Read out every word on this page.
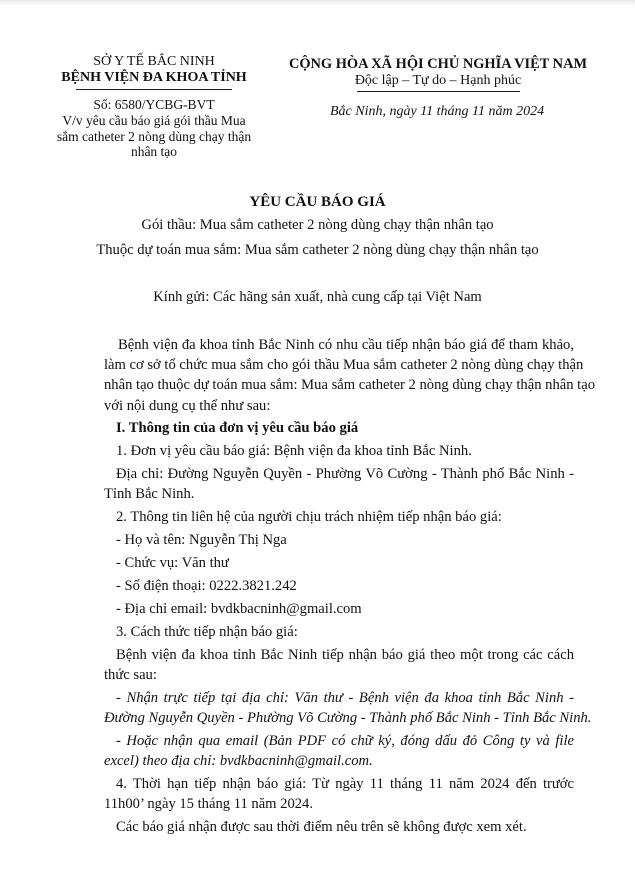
SỞ Y TẾ BẮC NINH
BỆNH VIỆN ĐA KHOA TỈNH
Số: 6580/YCBG-BVT
V/v yêu cầu báo giá gói thầu Mua
sắm catheter 2 nòng dùng chạy thận
nhân tạo
CỘNG HÒA XÃ HỘI CHỦ NGHĨA VIỆT NAM
Độc lập – Tự do – Hạnh phúc
Bắc Ninh, ngày 11 tháng 11 năm 2024
YÊU CẦU BÁO GIÁ
Gói thầu: Mua sắm catheter 2 nòng dùng chạy thận nhân tạo
Thuộc dự toán mua sắm: Mua sắm catheter 2 nòng dùng chạy thận nhân tạo
Kính gửi: Các hãng sản xuất, nhà cung cấp tại Việt Nam
Bệnh viện đa khoa tỉnh Bắc Ninh có nhu cầu tiếp nhận báo giá để tham khảo,
làm cơ sở tổ chức mua sắm cho gói thầu Mua sắm catheter 2 nòng dùng chạy thận
nhân tạo thuộc dự toán mua sắm: Mua sắm catheter 2 nòng dùng chạy thận nhân tạo
với nội dung cụ thể như sau:
I. Thông tin của đơn vị yêu cầu báo giá
1. Đơn vị yêu cầu báo giá: Bệnh viện đa khoa tỉnh Bắc Ninh.
Địa chỉ: Đường Nguyễn Quyền - Phường Võ Cường - Thành phố Bắc Ninh -
Tỉnh Bắc Ninh.
2. Thông tin liên hệ của người chịu trách nhiệm tiếp nhận báo giá:
- Họ và tên: Nguyễn Thị Nga
- Chức vụ: Văn thư
- Số điện thoại: 0222.3821.242
- Địa chỉ email: bvdkbacninh@gmail.com
3. Cách thức tiếp nhận báo giá:
Bệnh viện đa khoa tỉnh Bắc Ninh tiếp nhận báo giá theo một trong các cách
thức sau:
- Nhận trực tiếp tại địa chỉ: Văn thư - Bệnh viện đa khoa tỉnh Bắc Ninh -
Đường Nguyễn Quyền - Phường Võ Cường - Thành phố Bắc Ninh - Tỉnh Bắc Ninh.
- Hoặc nhận qua email (Bản PDF có chữ ký, đóng dấu đỏ Công ty và file
excel) theo địa chỉ: bvdkbacninh@gmail.com.
4. Thời hạn tiếp nhận báo giá: Từ ngày 11 tháng 11 năm 2024 đến trước
11h00’ ngày 15 tháng 11 năm 2024.
Các báo giá nhận được sau thời điểm nêu trên sẽ không được xem xét.
